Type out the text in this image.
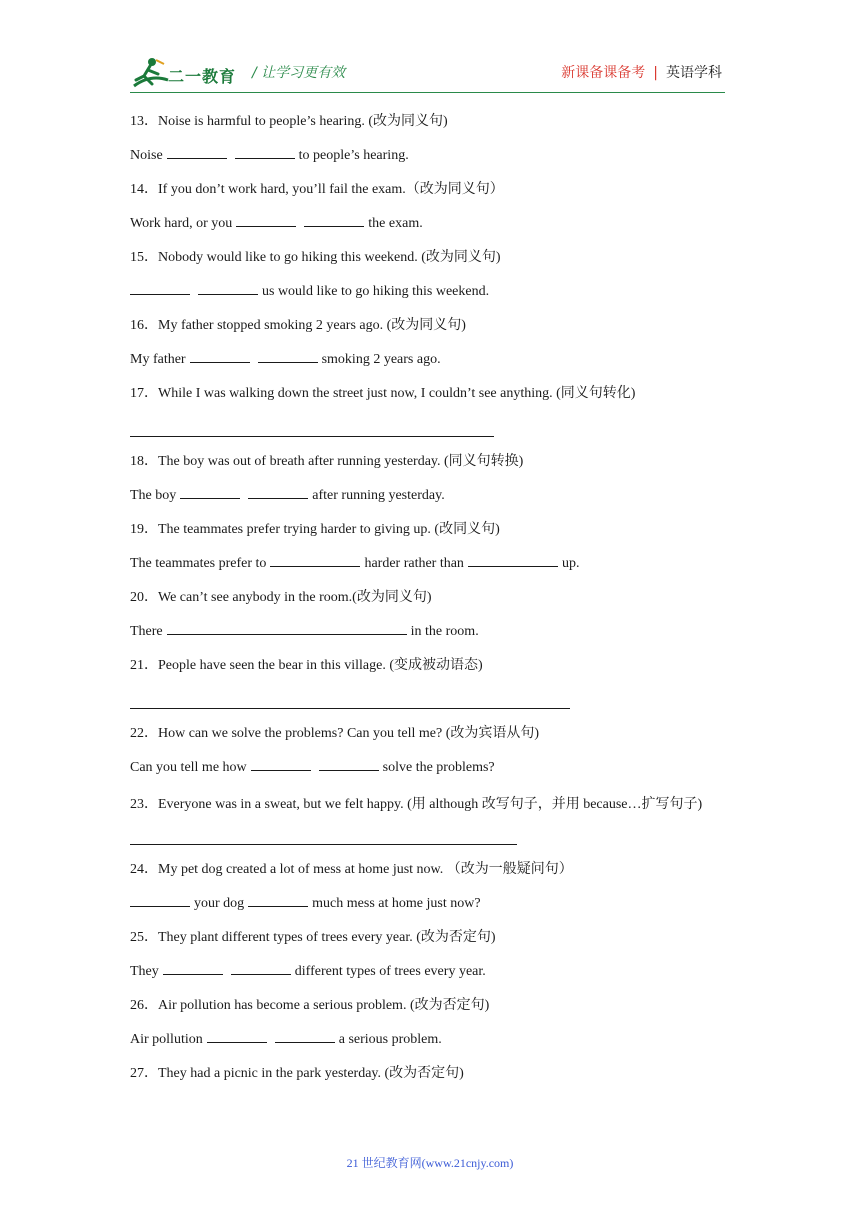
二一教育 / 让学习更有效	新课备课备考 | 英语学科
13．Noise is harmful to people’s hearing. (改为同义句)
Noise	to people’s hearing.
14．If you don’t work hard, you’ll fail the exam.（改为同义句）
Work hard, or you	the exam.
15．Nobody would like to go hiking this weekend. (改为同义句)
us would like to go hiking this weekend.
16．My father stopped smoking 2 years ago. (改为同义句)
My father	smoking 2 years ago.
17．While I was walking down the street just now, I couldn’t see anything. (同义句转化)
18．The boy was out of breath after running yesterday. (同义句转换)
The boy	after running yesterday.
19．The teammates prefer trying harder to giving up. (改同义句)
The teammates prefer to	harder rather than	up.
20．We can’t see anybody in the room.(改为同义句)
There	in the room.
21．People have seen the bear in this village. (变成被动语态)
22．How can we solve the problems? Can you tell me? (改为宾语从句)
Can you tell me how	solve the problems?
23．Everyone was in a sweat, but we felt happy. (用 although 改写句子，并用 because…扩写句子)
24．My pet dog created a lot of mess at home just now. （改为一般疑问句）
your dog	much mess at home just now?
25．They plant different types of trees every year. (改为否定句)
They	different types of trees every year.
26．Air pollution has become a serious problem. (改为否定句)
Air pollution	a serious problem.
27．They had a picnic in the park yesterday. (改为否定句)
21 世纪教育网(www.21cnjy.com)
